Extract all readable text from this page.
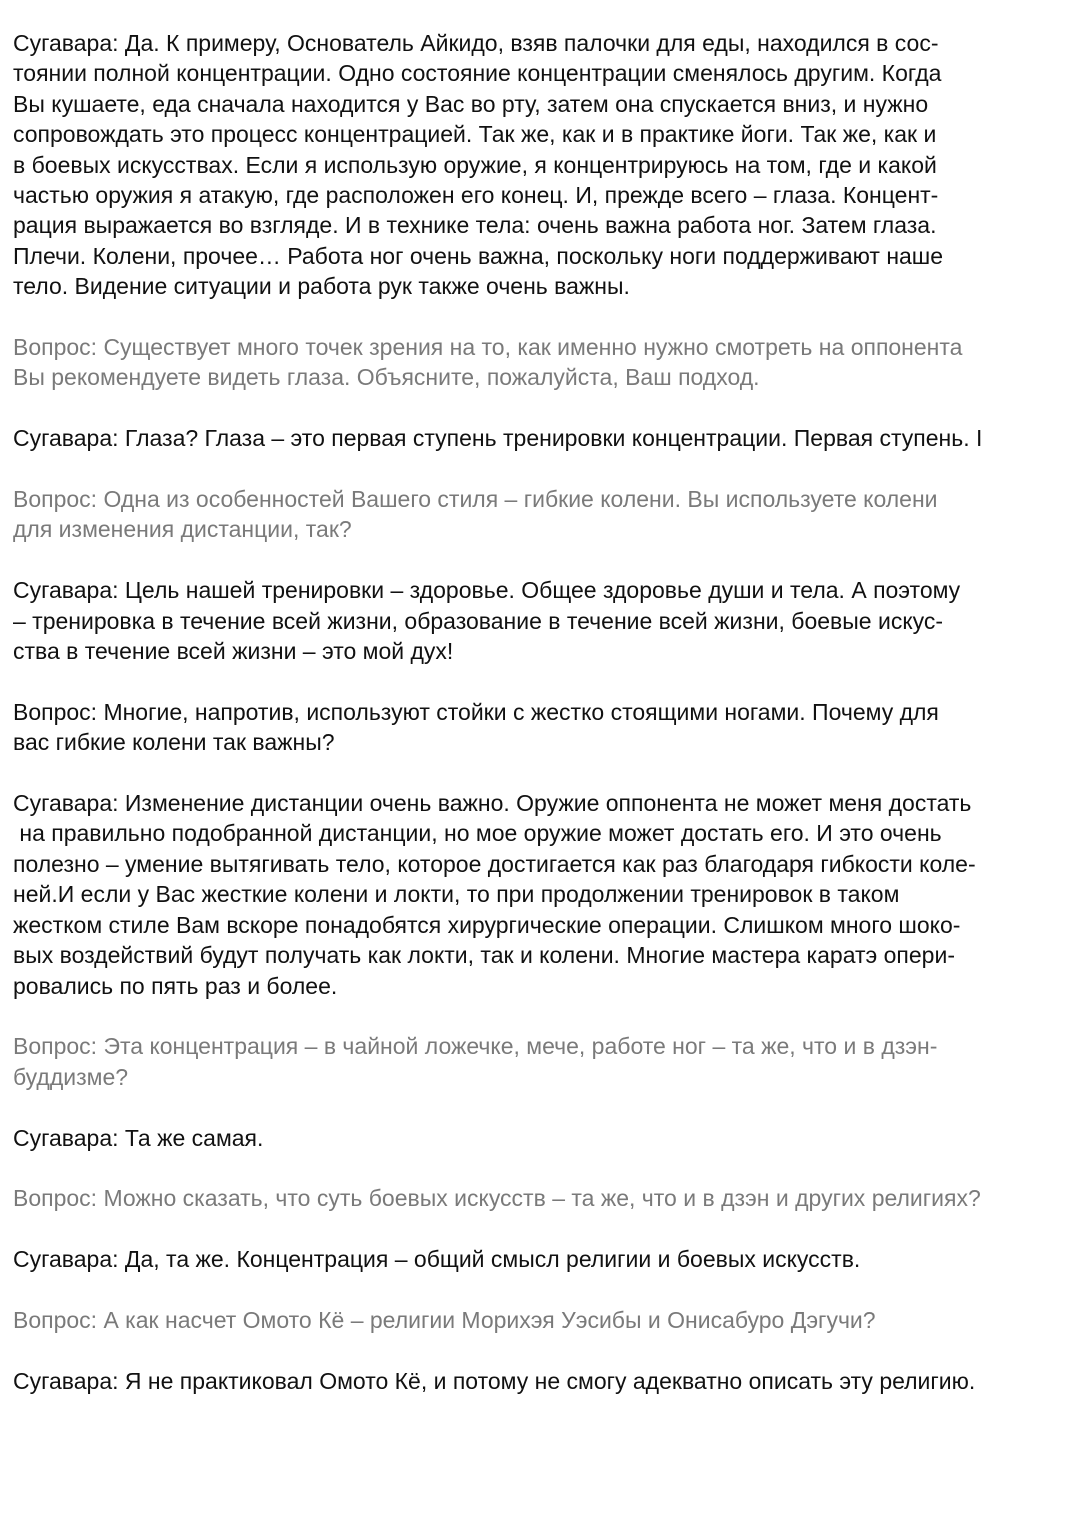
Сугавара: Да. К примеру, Основатель Айкидо, взяв палочки для еды, находился в сос-
тоянии полной концентрации. Одно состояние концентрации сменялось другим. Когда
Вы кушаете, еда сначала находится у Вас во рту, затем она спускается вниз, и нужно
сопровождать это процесс концентрацией. Так же, как и в практике йоги. Так же, как и
в боевых искусствах. Если я использую оружие, я концентрируюсь на том, где и какой
частью оружия я атакую, где расположен его конец. И, прежде всего – глаза. Концент-
рация выражается во взгляде. И в технике тела: очень важна работа ног. Затем глаза.
Плечи. Колени, прочее… Работа ног очень важна, поскольку ноги поддерживают наше
тело. Видение ситуации и работа рук также очень важны.
Вопрос: Существует много точек зрения на то, как именно нужно смотреть на оппонента
Вы рекомендуете видеть глаза. Объясните, пожалуйста, Ваш подход.
Сугавара: Глаза? Глаза – это первая ступень тренировки концентрации. Первая ступень. I
Вопрос: Одна из особенностей Вашего стиля – гибкие колени. Вы используете колени
для изменения дистанции, так?
Сугавара: Цель нашей тренировки – здоровье. Общее здоровье души и тела. А поэтому
– тренировка в течение всей жизни, образование в течение всей жизни, боевые искус-
ства в течение всей жизни – это мой дух!
Вопрос: Многие, напротив, используют стойки с жестко стоящими ногами. Почему для
вас гибкие колени так важны?
Сугавара: Изменение дистанции очень важно. Оружие оппонента не может меня достать
на правильно подобранной дистанции, но мое оружие может достать его. И это очень
полезно – умение вытягивать тело, которое достигается как раз благодаря гибкости коле-
ней.И если у Вас жесткие колени и локти, то при продолжении тренировок в таком
жестком стиле Вам вскоре понадобятся хирургические операции. Слишком много шоко-
вых воздействий будут получать как локти, так и колени. Многие мастера каратэ опери-
ровались по пять раз и более.
Вопрос: Эта концентрация – в чайной ложечке, мече, работе ног – та же, что и в дзэн-
буддизме?
Сугавара: Та же самая.
Вопрос: Можно сказать, что суть боевых искусств – та же, что и в дзэн и других религиях?
Сугавара: Да, та же. Концентрация – общий смысл религии и боевых искусств.
Вопрос: А как насчет Омото Кё – религии Морихэя Уэсибы и Онисабуро Дэгучи?
Сугавара: Я не практиковал Омото Кё, и потому не смогу адекватно описать эту религию.
